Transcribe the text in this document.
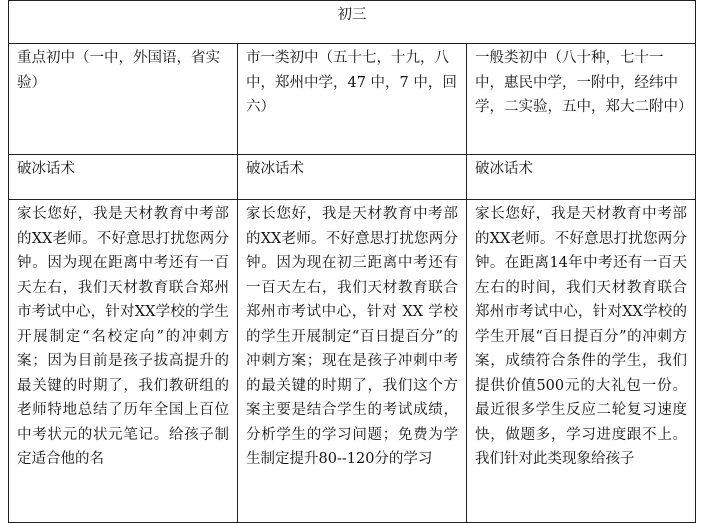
初三		
重点初中（一中，外国语，省实验）	市一类初中（五十七，十九，八中，郑州中学，47 中，7 中，回六）	一般类初中（八十种，七十一中，惠民中学，一附中，经纬中学，二实验，五中，郑大二附中）
破冰话术	破冰话术	破冰话术
家长您好，我是天材教育中考部的XX老师。不好意思打扰您两分钟。因为现在距离中考还有一百天左右，我们天材教育联合郑州市考试中心，针对XX学校的学生开展制定“名校定向”的冲刺方案；因为目前是孩子拔高提升的最关键的时期了，我们教研组的老师特地总结了历年全国上百位中考状元的状元笔记。给孩子制定适合他的名	家长您好，我是天材教育中考部的XX老师。不好意思打扰您两分钟。因为现在初三距离中考还有一百天左右，我们天材教育联合郑州市考试中心，针对 XX 学校的学生开展制定“百日提百分”的冲刺方案；现在是孩子冲刺中考的最关键的时期了，我们这个方案主要是结合学生的考试成绩，分析学生的学习问题；免费为学生制定提升80--120分的学习	家长您好，我是天材教育中考部的XX老师。不好意思打扰您两分钟。在距离14年中考还有一百天左右的时间，我们天材教育联合郑州市考试中心，针对XX学校的学生开展“百日提百分”的冲刺方案，成绩符合条件的学生，我们提供价值500元的大礼包一份。最近很多学生反应二轮复习速度快，做题多，学习进度跟不上。我们针对此类现象给孩子
